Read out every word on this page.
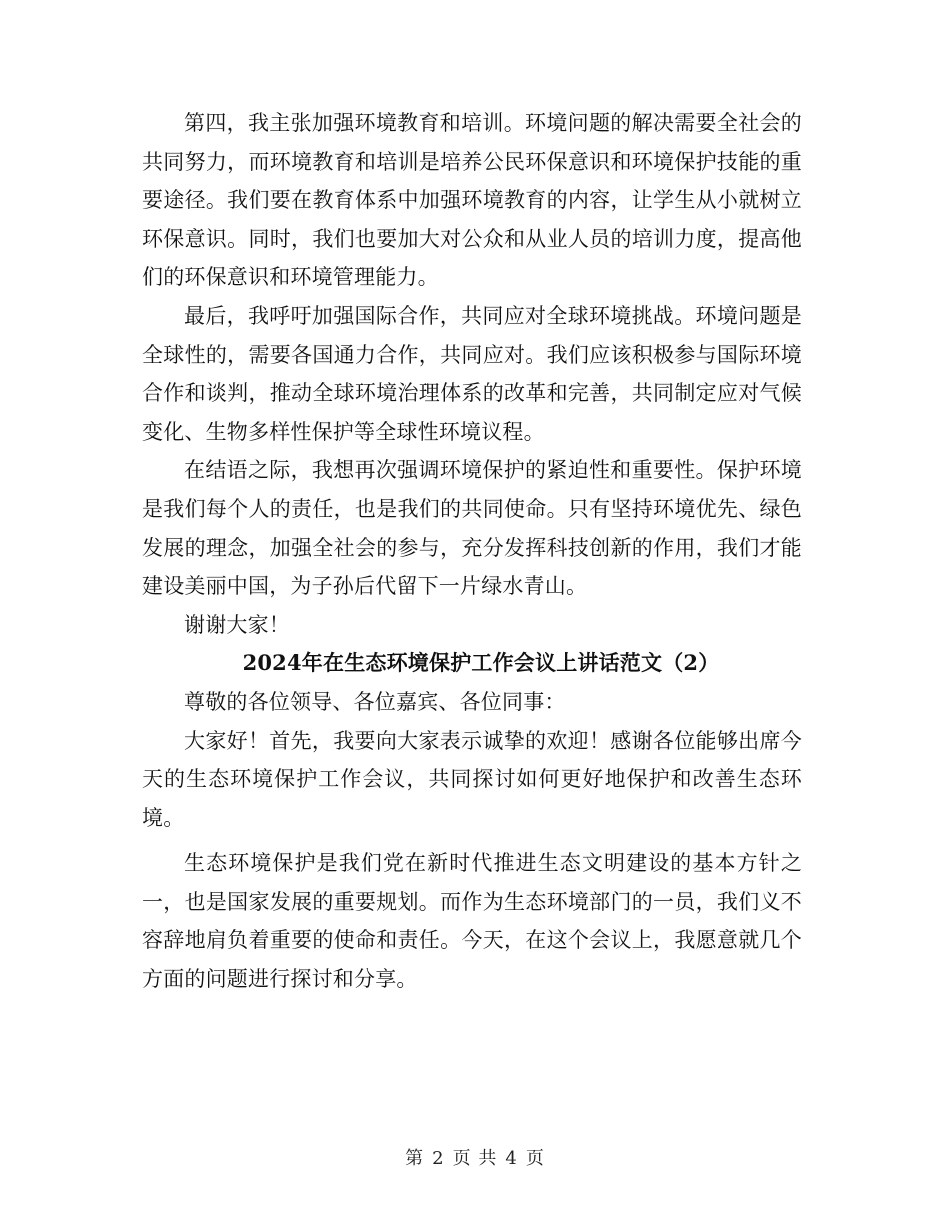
第四，我主张加强环境教育和培训。环境问题的解决需要全社会的共同努力，而环境教育和培训是培养公民环保意识和环境保护技能的重要途径。我们要在教育体系中加强环境教育的内容，让学生从小就树立环保意识。同时，我们也要加大对公众和从业人员的培训力度，提高他们的环保意识和环境管理能力。

最后，我呼吁加强国际合作，共同应对全球环境挑战。环境问题是全球性的，需要各国通力合作，共同应对。我们应该积极参与国际环境合作和谈判，推动全球环境治理体系的改革和完善，共同制定应对气候变化、生物多样性保护等全球性环境议程。

在结语之际，我想再次强调环境保护的紧迫性和重要性。保护环境是我们每个人的责任，也是我们的共同使命。只有坚持环境优先、绿色发展的理念，加强全社会的参与，充分发挥科技创新的作用，我们才能建设美丽中国，为子孙后代留下一片绿水青山。

谢谢大家！

2024年在生态环境保护工作会议上讲话范文（2）

尊敬的各位领导、各位嘉宾、各位同事：

大家好！首先，我要向大家表示诚挚的欢迎！感谢各位能够出席今天的生态环境保护工作会议，共同探讨如何更好地保护和改善生态环境。

生态环境保护是我们党在新时代推进生态文明建设的基本方针之一，也是国家发展的重要规划。而作为生态环境部门的一员，我们义不容辞地肩负着重要的使命和责任。今天，在这个会议上，我愿意就几个方面的问题进行探讨和分享。

第 2 页 共 4 页
